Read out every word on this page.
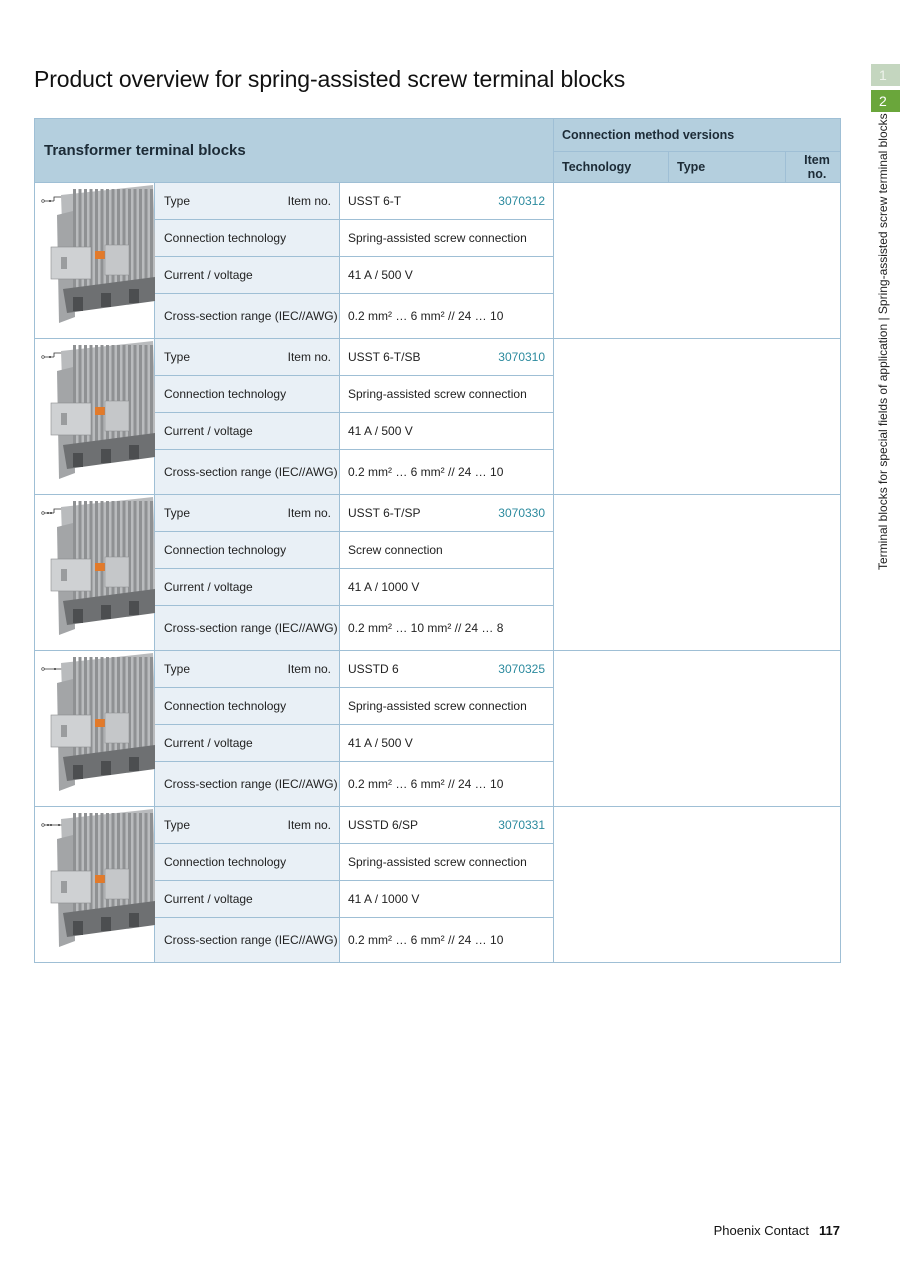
Product overview for spring-assisted screw terminal blocks	1
2
Terminal blocks for special fields of application | Spring-assisted screw terminal blocks
Transformer terminal blocks			Connection method versions		
			Technology	Type	Item no.

Type Item no.	USST 6-T 3070312			

	Connection technology	Spring-assisted screw connection			
	Current / voltage	41 A / 500 V			
	Cross-section range (IEC//AWG)	0.2 mm² … 6 mm² // 24 … 10			

Type Item no.	USST 6-T/SB 3070310			

	Connection technology	Spring-assisted screw connection			
	Current / voltage	41 A / 500 V			
	Cross-section range (IEC//AWG)	0.2 mm² … 6 mm² // 24 … 10			

Type Item no.	USST 6-T/SP 3070330			

	Connection technology	Screw connection			
	Current / voltage	41 A / 1000 V			
	Cross-section range (IEC//AWG)	0.2 mm² … 10 mm² // 24 … 8			

Type Item no.	USSTD 6 3070325			

	Connection technology	Spring-assisted screw connection			
	Current / voltage	41 A / 500 V			
	Cross-section range (IEC//AWG)	0.2 mm² … 6 mm² // 24 … 10			

Type Item no.	USSTD 6/SP 3070331			

	Connection technology	Spring-assisted screw connection			
	Current / voltage	41 A / 1000 V			
	Cross-section range (IEC//AWG)	0.2 mm² … 6 mm² // 24 … 10			
Phoenix Contact 117
